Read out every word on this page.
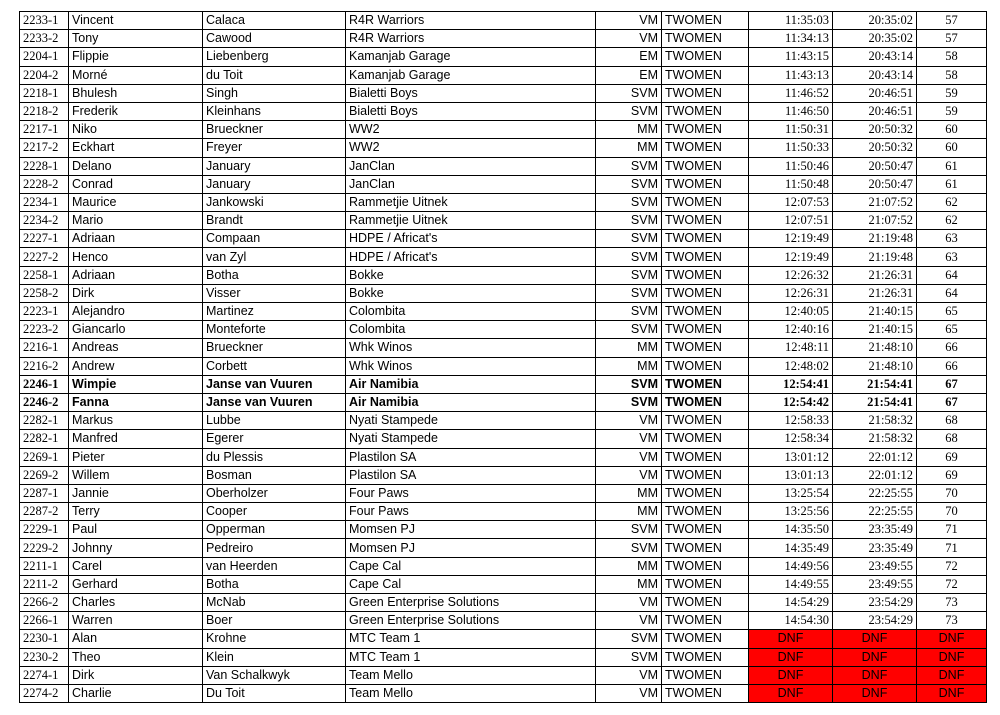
2233-1	Vincent	Calaca	R4R Warriors	VM	TWOMEN	11:35:03	20:35:02	57
2233-2	Tony	Cawood	R4R Warriors	VM	TWOMEN	11:34:13	20:35:02	57
2204-1	Flippie	Liebenberg	Kamanjab Garage	EM	TWOMEN	11:43:15	20:43:14	58
2204-2	Morné	du Toit	Kamanjab Garage	EM	TWOMEN	11:43:13	20:43:14	58
2218-1	Bhulesh	Singh	Bialetti Boys	SVM	TWOMEN	11:46:52	20:46:51	59
2218-2	Frederik	Kleinhans	Bialetti Boys	SVM	TWOMEN	11:46:50	20:46:51	59
2217-1	Niko	Brueckner	WW2	MM	TWOMEN	11:50:31	20:50:32	60
2217-2	Eckhart	Freyer	WW2	MM	TWOMEN	11:50:33	20:50:32	60
2228-1	Delano	January	JanClan	SVM	TWOMEN	11:50:46	20:50:47	61
2228-2	Conrad	January	JanClan	SVM	TWOMEN	11:50:48	20:50:47	61
2234-1	Maurice	Jankowski	Rammetjie Uitnek	SVM	TWOMEN	12:07:53	21:07:52	62
2234-2	Mario	Brandt	Rammetjie Uitnek	SVM	TWOMEN	12:07:51	21:07:52	62
2227-1	Adriaan	Compaan	HDPE / Africat's	SVM	TWOMEN	12:19:49	21:19:48	63
2227-2	Henco	van Zyl	HDPE / Africat's	SVM	TWOMEN	12:19:49	21:19:48	63
2258-1	Adriaan	Botha	Bokke	SVM	TWOMEN	12:26:32	21:26:31	64
2258-2	Dirk	Visser	Bokke	SVM	TWOMEN	12:26:31	21:26:31	64
2223-1	Alejandro	Martinez	Colombita	SVM	TWOMEN	12:40:05	21:40:15	65
2223-2	Giancarlo	Monteforte	Colombita	SVM	TWOMEN	12:40:16	21:40:15	65
2216-1	Andreas	Brueckner	Whk Winos	MM	TWOMEN	12:48:11	21:48:10	66
2216-2	Andrew	Corbett	Whk Winos	MM	TWOMEN	12:48:02	21:48:10	66
2246-1	Wimpie	Janse van Vuuren	Air Namibia	SVM	TWOMEN	12:54:41	21:54:41	67
2246-2	Fanna	Janse van Vuuren	Air Namibia	SVM	TWOMEN	12:54:42	21:54:41	67
2282-1	Markus	Lubbe	Nyati Stampede	VM	TWOMEN	12:58:33	21:58:32	68
2282-1	Manfred	Egerer	Nyati Stampede	VM	TWOMEN	12:58:34	21:58:32	68
2269-1	Pieter	du Plessis	Plastilon SA	VM	TWOMEN	13:01:12	22:01:12	69
2269-2	Willem	Bosman	Plastilon SA	VM	TWOMEN	13:01:13	22:01:12	69
2287-1	Jannie	Oberholzer	Four Paws	MM	TWOMEN	13:25:54	22:25:55	70
2287-2	Terry	Cooper	Four Paws	MM	TWOMEN	13:25:56	22:25:55	70
2229-1	Paul	Opperman	Momsen PJ	SVM	TWOMEN	14:35:50	23:35:49	71
2229-2	Johnny	Pedreiro	Momsen PJ	SVM	TWOMEN	14:35:49	23:35:49	71
2211-1	Carel	van Heerden	Cape Cal	MM	TWOMEN	14:49:56	23:49:55	72
2211-2	Gerhard	Botha	Cape Cal	MM	TWOMEN	14:49:55	23:49:55	72
2266-2	Charles	McNab	Green Enterprise Solutions	VM	TWOMEN	14:54:29	23:54:29	73
2266-1	Warren	Boer	Green Enterprise Solutions	VM	TWOMEN	14:54:30	23:54:29	73
2230-1	Alan	Krohne	MTC Team 1	SVM	TWOMEN	DNF	DNF	DNF
2230-2	Theo	Klein	MTC Team 1	SVM	TWOMEN	DNF	DNF	DNF
2274-1	Dirk	Van Schalkwyk	Team Mello	VM	TWOMEN	DNF	DNF	DNF
2274-2	Charlie	Du Toit	Team Mello	VM	TWOMEN	DNF	DNF	DNF
